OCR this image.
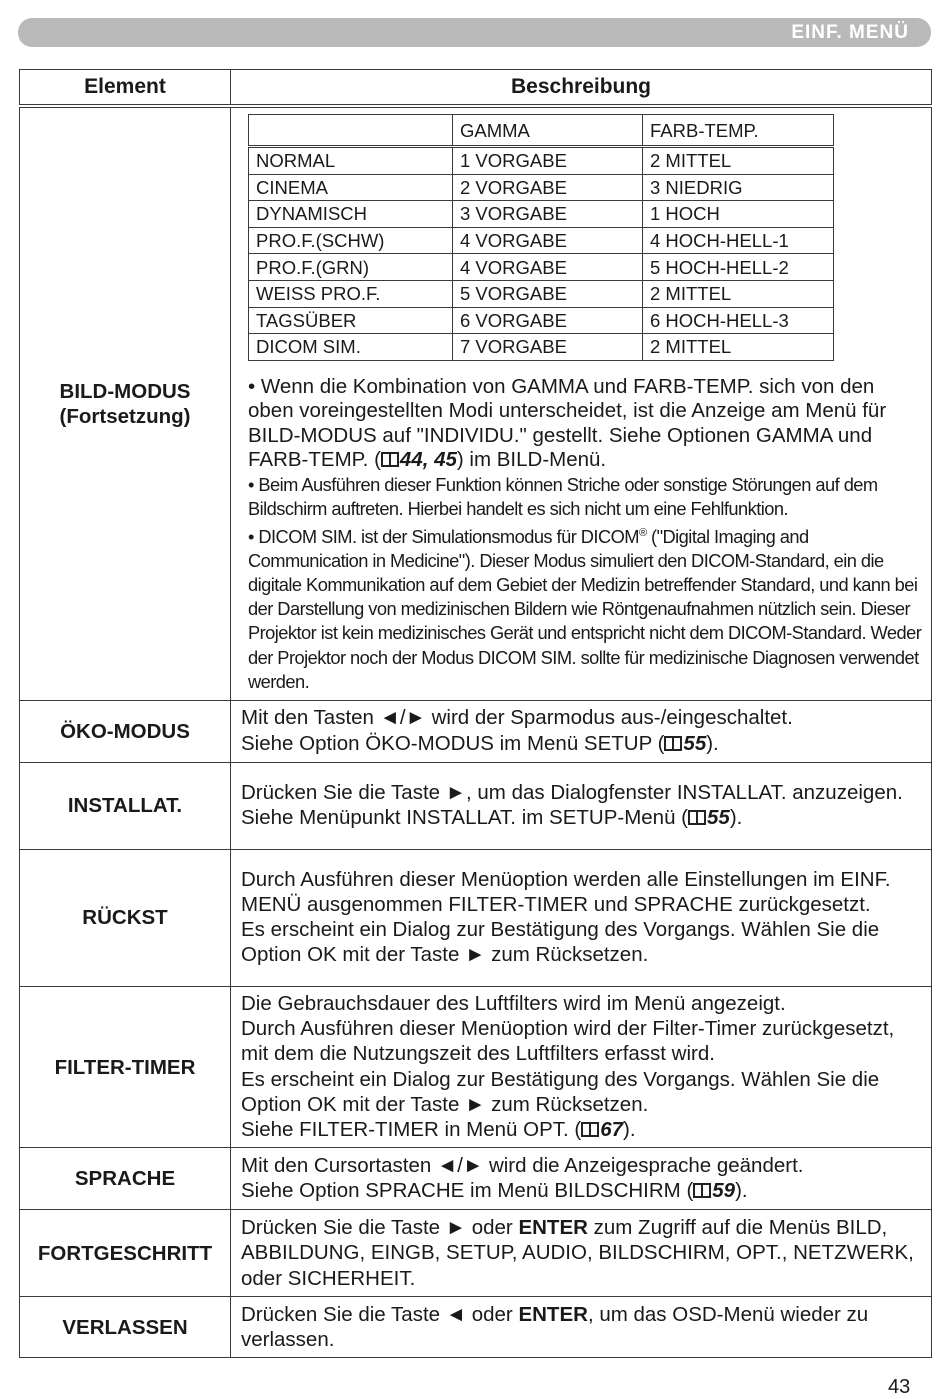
EINF. MENÜ
Element	Beschreibung

BILD-MODUS
(Fortsetzung)

	GAMMA	FARB-TEMP.
NORMAL	1 VORGABE	2 MITTEL
CINEMA	2 VORGABE	3 NIEDRIG
DYNAMISCH	3 VORGABE	1 HOCH
PRO.F.(SCHW)	4 VORGABE	4 HOCH-HELL-1
PRO.F.(GRN)	4 VORGABE	5 HOCH-HELL-2
WEISS PRO.F.	5 VORGABE	2 MITTEL
TAGSÜBER	6 VORGABE	6 HOCH-HELL-3
DICOM SIM.	7 VORGABE	2 MITTEL
• Wenn die Kombination von GAMMA und FARB-TEMP. sich von den oben voreingestellten Modi unterscheidet, ist die Anzeige am Menü für BILD-MODUS auf "INDIVIDU." gestellt. Siehe Optionen GAMMA und FARB-TEMP. ( 44, 45) im BILD-Menü.
• Beim Ausführen dieser Funktion können Striche oder sonstige Störungen auf dem Bildschirm auftreten. Hierbei handelt es sich nicht um eine Fehlfunktion.
• DICOM SIM. ist der Simulationsmodus für DICOM® ("Digital Imaging and Communication in Medicine"). Dieser Modus simuliert den DICOM-Standard, ein die digitale Kommunikation auf dem Gebiet der Medizin betreffender Standard, und kann bei der Darstellung von medizinischen Bildern wie Röntgenaufnahmen nützlich sein. Dieser Projektor ist kein medizinisches Gerät und entspricht nicht dem DICOM-Standard. Weder der Projektor noch der Modus DICOM SIM. sollte für medizinische Diagnosen verwendet werden.

ÖKO-MODUS	
Mit den Tasten ◄/► wird der Sparmodus aus-/eingeschaltet.
Siehe Option ÖKO-MODUS im Menü SETUP ( 55).

INSTALLAT.	
Drücken Sie die Taste ►, um das Dialogfenster INSTALLAT. anzuzeigen.
Siehe Menüpunkt INSTALLAT. im SETUP-Menü ( 55).

RÜCKST	
Durch Ausführen dieser Menüoption werden alle Einstellungen im EINF. MENÜ ausgenommen FILTER-TIMER und SPRACHE zurückgesetzt.
Es erscheint ein Dialog zur Bestätigung des Vorgangs. Wählen Sie die Option OK mit der Taste ► zum Rücksetzen.

FILTER-TIMER	
Die Gebrauchsdauer des Luftfilters wird im Menü angezeigt.
Durch Ausführen dieser Menüoption wird der Filter-Timer zurückgesetzt, mit dem die Nutzungszeit des Luftfilters erfasst wird.
Es erscheint ein Dialog zur Bestätigung des Vorgangs. Wählen Sie die Option OK mit der Taste ► zum Rücksetzen.
Siehe FILTER-TIMER in Menü OPT. ( 67).

SPRACHE	
Mit den Cursortasten ◄/► wird die Anzeigesprache geändert.
Siehe Option SPRACHE im Menü BILDSCHIRM ( 59).

FORTGESCHRITT	Drücken Sie die Taste ► oder ENTER zum Zugriff auf die Menüs BILD, ABBILDUNG, EINGB, SETUP, AUDIO, BILDSCHIRM, OPT., NETZWERK, oder SICHERHEIT.
VERLASSEN	Drücken Sie die Taste ◄ oder ENTER, um das OSD-Menü wieder zu verlassen.
43
